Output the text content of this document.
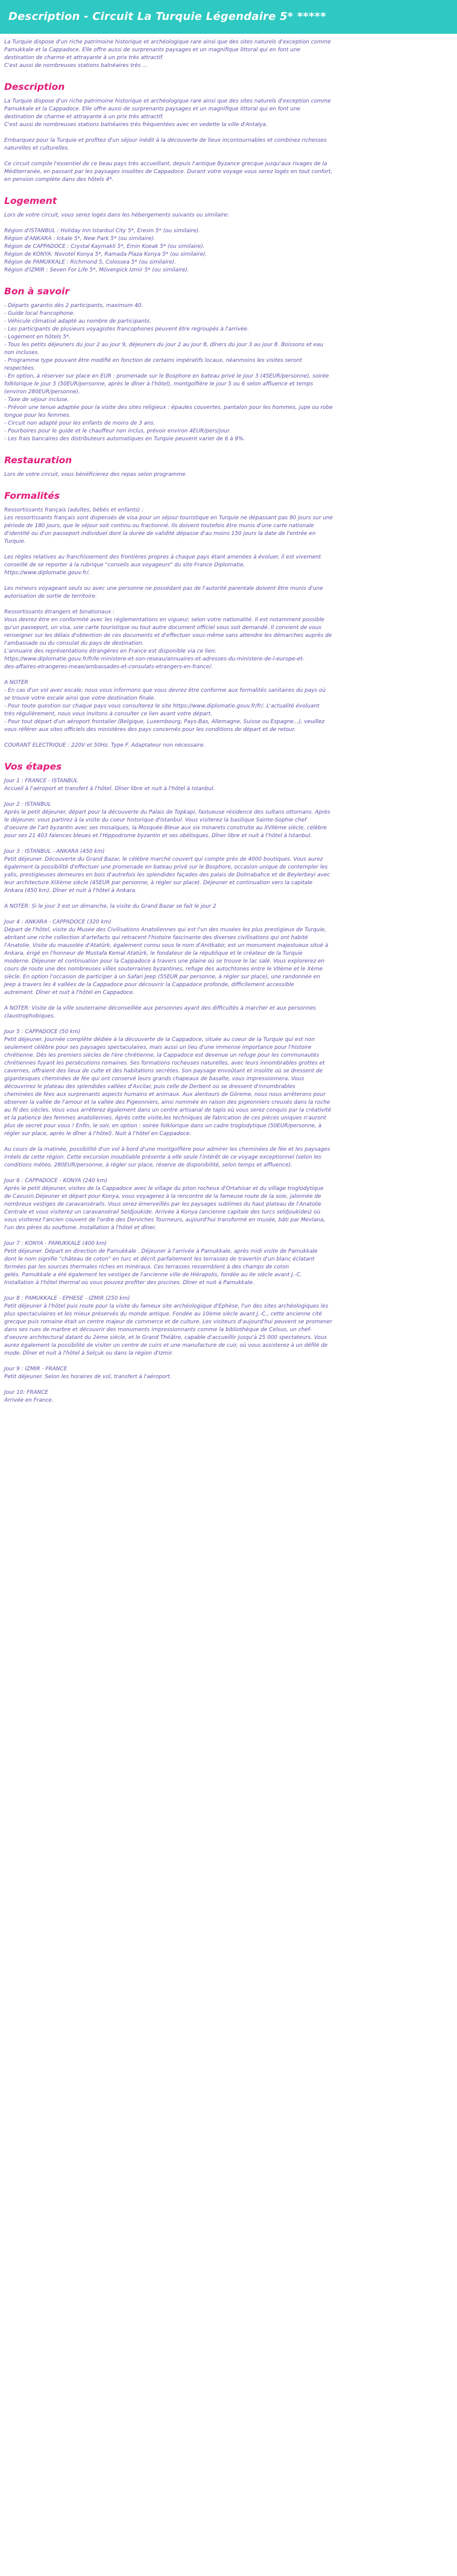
Description - Circuit La Turquie Légendaire 5* *****

La Turquie dispose d'un riche patrimoine historique et archéologique rare ainsi que des sites naturels d'exception comme
Pamukkale et la Cappadoce. Elle offre aussi de surprenants paysages et un magnifique littoral qui en font une
destination de charme et attrayante à un prix très attractif.
C'est aussi de nombreuses stations balnéaires très ...

Description

La Turquie dispose d'un riche patrimoine historique et archéologique rare ainsi que des sites naturels d'exception comme
Pamukkale et la Cappadoce. Elle offre aussi de surprenants paysages et un magnifique littoral qui en font une
destination de charme et attrayante à un prix très attractif.
C'est aussi de nombreuses stations balnéaires très fréquentées avec en vedette la ville d'Antalya.

Embarquez pour la Turquie et profitez d'un séjour inédit à la découverte de lieux incontournables et combinez richesses
naturelles et culturelles.

Ce circuit compile l'essentiel de ce beau pays très accueillant, depuis l'antique Byzance grecque jusqu'aux rivages de la
Méditerranée, en passant par les paysages insolites de Cappadoce. Durant votre voyage vous serez logés en tout confort,
en pension complète dans des hôtels 4*.

Logement

Lors de votre circuit, vous serez logés dans les hébergements suivants ou similaire:

Région d'ISTANBUL : Holiday Inn Istanbul City 5*, Eresin 5* (ou similaire).
Région d'ANKARA : Ickale 5*, New Park 5* (ou similaire).
Région de CAPPADOCE : Crystal Kaymakli 5*, Emin Koeak 5* (ou similaire).
Région de KONYA: Novotel Konya 5*, Ramada Plaza Konya 5* (ou similaire).
Région de PAMUKKALE : Richmond 5, Colossea 5* (ou similaire).
Région d'IZMIR : Seven For Life 5*, Mövenpick Izmir 5* (ou similaire).

Bon à savoir

- Départs garantis dès 2 participants, maximum 40.
- Guide local francophone.
- Véhicule climatisé adapté au nombre de participants.
- Les participants de plusieurs voyagistes francophones peuvent être regroupés à l'arrivée.
- Logement en hôtels 5*.
- Tous les petits déjeuners du jour 2 au jour 9, déjeuners du jour 2 au jour 8, dîners du jour 3 au jour 8. Boissons et eau
non incluses.
- Programme type pouvant être modifié en fonction de certains impératifs locaux, néanmoins les visites seront
respectées.
- En option, à réserver sur place en EUR : promenade sur le Bosphore en bateau privé le jour 3 (45EUR/personne), soirée
folklorique le jour 5 (50EUR/personne, après le dîner à l'hôtel), montgolfière le jour 5 ou 6 selon affluence et temps
(environ 280EUR/personne).
- Taxe de séjour incluse.
- Prévoir une tenue adaptée pour la visite des sites religieux : épaules couvertes, pantalon pour les hommes, jupe ou robe
longue pour les femmes.
- Circuit non adapté pour les enfants de moins de 3 ans.
- Pourboires pour le guide et le chauffeur non inclus, prévoir environ 4EUR/pers/jour.
- Les frais bancaires des distributeurs automatiques en Turquie peuvent varier de 6 à 9%.

Restauration

Lors de votre circuit, vous bénéficierez des repas selon programme.

Formalités

Ressortissants français (adultes, bébés et enfants) :
Les ressortissants français sont dispensés de visa pour un séjour touristique en Turquie ne dépassant pas 90 jours sur une
période de 180 jours, que le séjour soit continu ou fractionné. Ils doivent toutefois être munis d'une carte nationale
d'identité ou d'un passeport individuel dont la durée de validité dépasse d'au moins 150 jours la date de l'entrée en
Turquie.

Les règles relatives au franchissement des frontières propres à chaque pays étant amenées à évoluer, il est vivement
conseillé de se reporter à la rubrique "conseils aux voyageurs" du site France Diplomatie,
https://www.diplomatie.gouv.fr/.

Les mineurs voyageant seuls ou avec une personne ne possédant pas de l'autorité parentale doivent être munis d'une
autorisation de sortie de territoire.

Ressortissants étrangers et binationaux :
Vous devrez être en conformité avec les réglementations en vigueur, selon votre nationalité. Il est notamment possible
qu'un passeport, un visa, une carte touristique ou tout autre document officiel vous soit demandé. Il convient de vous
renseigner sur les délais d'obtention de ces documents et d'effectuer vous-même sans attendre les démarches auprès de
l'ambassade ou du consulat du pays de destination.
L'annuaire des représentations étrangères en France est disponible via ce lien:
https://www.diplomatie.gouv.fr/fr/le-ministere-et-son-reseau/annuaires-et-adresses-du-ministere-de-l-europe-et-
des-affaires-etrangeres-meae/ambassades-et-consulats-etrangers-en-france/.

A NOTER
- En cas d'un vol avec escale, nous vous informons que vous devrez être conforme aux formalités sanitaires du pays où
se trouve votre escale ainsi que votre destination finale.
- Pour toute question sur chaque pays vous consulterez le site https://www.diplomatie.gouv.fr/fr/. L'actualité évoluant
très régulièrement, nous vous invitons à consulter ce lien avant votre départ.
- Pour tout départ d'un aéroport frontalier (Belgique, Luxembourg, Pays-Bas, Allemagne, Suisse ou Espagne...), veuillez
vous référer aux sites officiels des ministères des pays concernés pour les conditions de départ et de retour.

COURANT ELECTRIQUE : 220V et 50Hz. Type F. Adaptateur non nécessaire.

Vos étapes

Jour 1 : FRANCE - ISTANBUL
Accueil à l'aéroport et transfert à l'hôtel. Dîner libre et nuit à l'hôtel à Istanbul.

Jour 2 : ISTANBUL
Après le petit déjeuner, départ pour la découverte du Palais de Topkapi, fastueuse résidence des sultans ottomans. Après
le déjeuner, vous partirez à la visite du coeur historique d'Istanbul. Vous visiterez la basilique Sainte-Sophie chef
d'oeuvre de l'art byzantin avec ses mosaïques, la Mosquée Bleue aux six minarets construite au XVIIème siècle, célèbre
pour ses 21 403 faïences bleues et l'Hippodrome byzantin et ses obélisques. Dîner libre et nuit à l'hôtel à Istanbul.

Jour 3 : ISTANBUL - ANKARA (450 km)
Petit déjeuner. Découverte du Grand Bazar, le célèbre marché couvert qui compte près de 4000 boutiques. Vous aurez
également la possibilité d'effectuer une promenade en bateau privé sur le Bosphore, occasion unique de contempler les
yalis, prestigieuses demeures en bois d'autrefois les splendides façades des palais de Dolmabahce et de Beylerbeyi avec
leur architecture XIXème siècle (45EUR par personne, à régler sur place). Déjeuner et continuation vers la capitale
Ankara (450 km). Dîner et nuit à l'hôtel à Ankara.

A NOTER: Si le jour 3 est un dimanche, la visite du Grand Bazar se fait le jour 2

Jour 4 : ANKARA - CAPPADOCE (320 km)
Départ de l'hôtel, visite du Musée des Civilisations Anatoliennes qui est l'un des musées les plus prestigieux de Turquie,
abritant une riche collection d'artefacts qui retracent l'histoire fascinante des diverses civilisations qui ont habité
l'Anatolie. Visite du mausolée d'Atatürk, également connu sous le nom d'Anitkabir, est un monument majestueux situé à
Ankara, érigé en l'honneur de Mustafa Kemal Atatürk, le fondateur de la république et le créateur de la Turquie
moderne. Déjeuner et continuation pour la Cappadoce à travers une plaine où se trouve le lac salé. Vous explorerez en
cours de route une des nombreuses villes souterraines byzantines, refuge des autochtones entre le VIIème et le Xème
siècle. En option l'occasion de participer à un Safari Jeep (55EUR par personne, à régler sur place), une randonnée en
Jeep à travers les 4 vallées de la Cappadoce pour découvrir la Cappadoce profonde, difficilement accessible
autrement. Dîner et nuit à l'hôtel en Cappadoce.

A NOTER: Visite de la ville souterraine déconseillée aux personnes ayant des difficultés à marcher et aux personnes
claustrophobiques.

Jour 5 : CAPPADOCE (50 km)
Petit déjeuner. Journée complète dédiée à la découverte de la Cappadoce, située au coeur de la Turquie qui est non
seulement célèbre pour ses paysages spectaculaires, mais aussi un lieu d'une immense importance pour l'histoire
chrétienne. Dès les premiers siècles de l'ère chrétienne, la Cappadoce est devenue un refuge pour les communautés
chrétiennes fuyant les persécutions romaines. Ses formations rocheuses naturelles, avec leurs innombrables grottes et
cavernes, offraient des lieux de culte et des habitations secrètes. Son paysage envoûtant et insolite où se dressent de
gigantesques cheminées de fée qui ont conservé leurs grands chapeaux de basalte, vous impressionnera. Vous
découvrirez le plateau des splendides vallées d'Avcilar, puis celle de Derbent où se dressent d'innombrables
cheminées de fées aux surprenants aspects humains et animaux. Aux alentours de Göreme, nous nous arrêterons pour
observer la vallée de l'amour et la vallée des Pigeonniers, ainsi nommée en raison des pigeonniers creusés dans la roche
au fil des siècles. Vous vous arrêterez également dans un centre artisanal de tapis où vous serez conquis par la créativité
et la patience des femmes anatoliennes. Après cette visite,les techniques de fabrication de ces pièces uniques n'auront
plus de secret pour vous ! Enfin, le soir, en option : soirée folklorique dans un cadre troglodytique (50EUR/personne, à
régler sur place, après le dîner à l'hôtel). Nuit à l'hôtel en Cappadoce.

Au cours de la matinée, possibilité d'un vol à bord d'une montgolfière pour admirer les cheminées de fée et les paysages
irréels de cette région. Cette excursion inoubliable présente à elle seule l'intérêt de ce voyage exceptionnel (selon les
conditions météo, 280EUR/personne, à régler sur place, réserve de disponibilité, selon temps et affluence).

Jour 6 : CAPPADOCE - KONYA (240 km)
Après le petit déjeuner, visites de la Cappadoce avec le village du piton rocheux d'Ortahisar et du village troglodytique
de Cavusin.Déjeuner et départ pour Konya, vous voyagerez à la rencontre de la fameuse route de la soie, jalonnée de
nombreux vestiges de caravansérails. Vous serez émerveillés par les paysages sublimes du haut plateau de l'Anatolie
Centrale et vous visiterez un caravansérail Seldjoukide. Arrivée à Konya (ancienne capitale des turcs seldjoukides) où
vous visiterez l'ancien couvent de l'ordre des Derviches Tourneurs, aujourd'hui transformé en musée, bâti par Mevlana,
l'un des pères du soufisme. Installation à l'hôtel et dîner.

Jour 7 : KONYA - PAMUKKALE (400 km)
Petit déjeuner. Départ en direction de Pamukkale . Déjeuner à l'arrivée à Pamukkale, après midi visite de Pamukkale
dont le nom signifie "château de coton" en turc et décrit parfaitement les terrasses de travertin d'un blanc éclatant
formées par les sources thermales riches en minéraux. Ces terrasses ressemblent à des champs de coton
gelés. Pamukkale a été également les vestiges de l'ancienne ville de Hiérapolis, fondée au IIe siècle avant J.-C.
Installation à l'hôtel thermal où vous pouvez profiter des piscines. Dîner et nuit à Pamukkale.

Jour 8 : PAMUKKALE - EPHESE - IZMIR (250 km)
Petit déjeuner à l'hôtel puis route pour la visite du fameux site archéologique d'Ephèse, l'un des sites archéologiques les
plus spectaculaires et les mieux préservés du monde antique. Fondée au 10ème siècle avant J.-C., cette ancienne cité
grecque puis romaine était un centre majeur de commerce et de culture. Les visiteurs d'aujourd'hui peuvent se promener
dans ses rues de marbre et découvrir des monuments impressionnants comme la bibliothèque de Celsus, un chef-
d'oeuvre architectural datant du 2ème siècle, et le Grand Théâtre, capable d'accueillir jusqu'à 25 000 spectateurs. Vous
aurez également la possibilité de visiter un centre de cuirs et une manufacture de cuir, où vous assisterez à un défilé de
mode. Dîner et nuit à l'hôtel à Selçuk ou dans la région d'Izmir.

Jour 9 : IZMIR - FRANCE
Petit déjeuner. Selon les horaires de vol, transfert à l'aéroport.

Jour 10: FRANCE
Arrivée en France.
